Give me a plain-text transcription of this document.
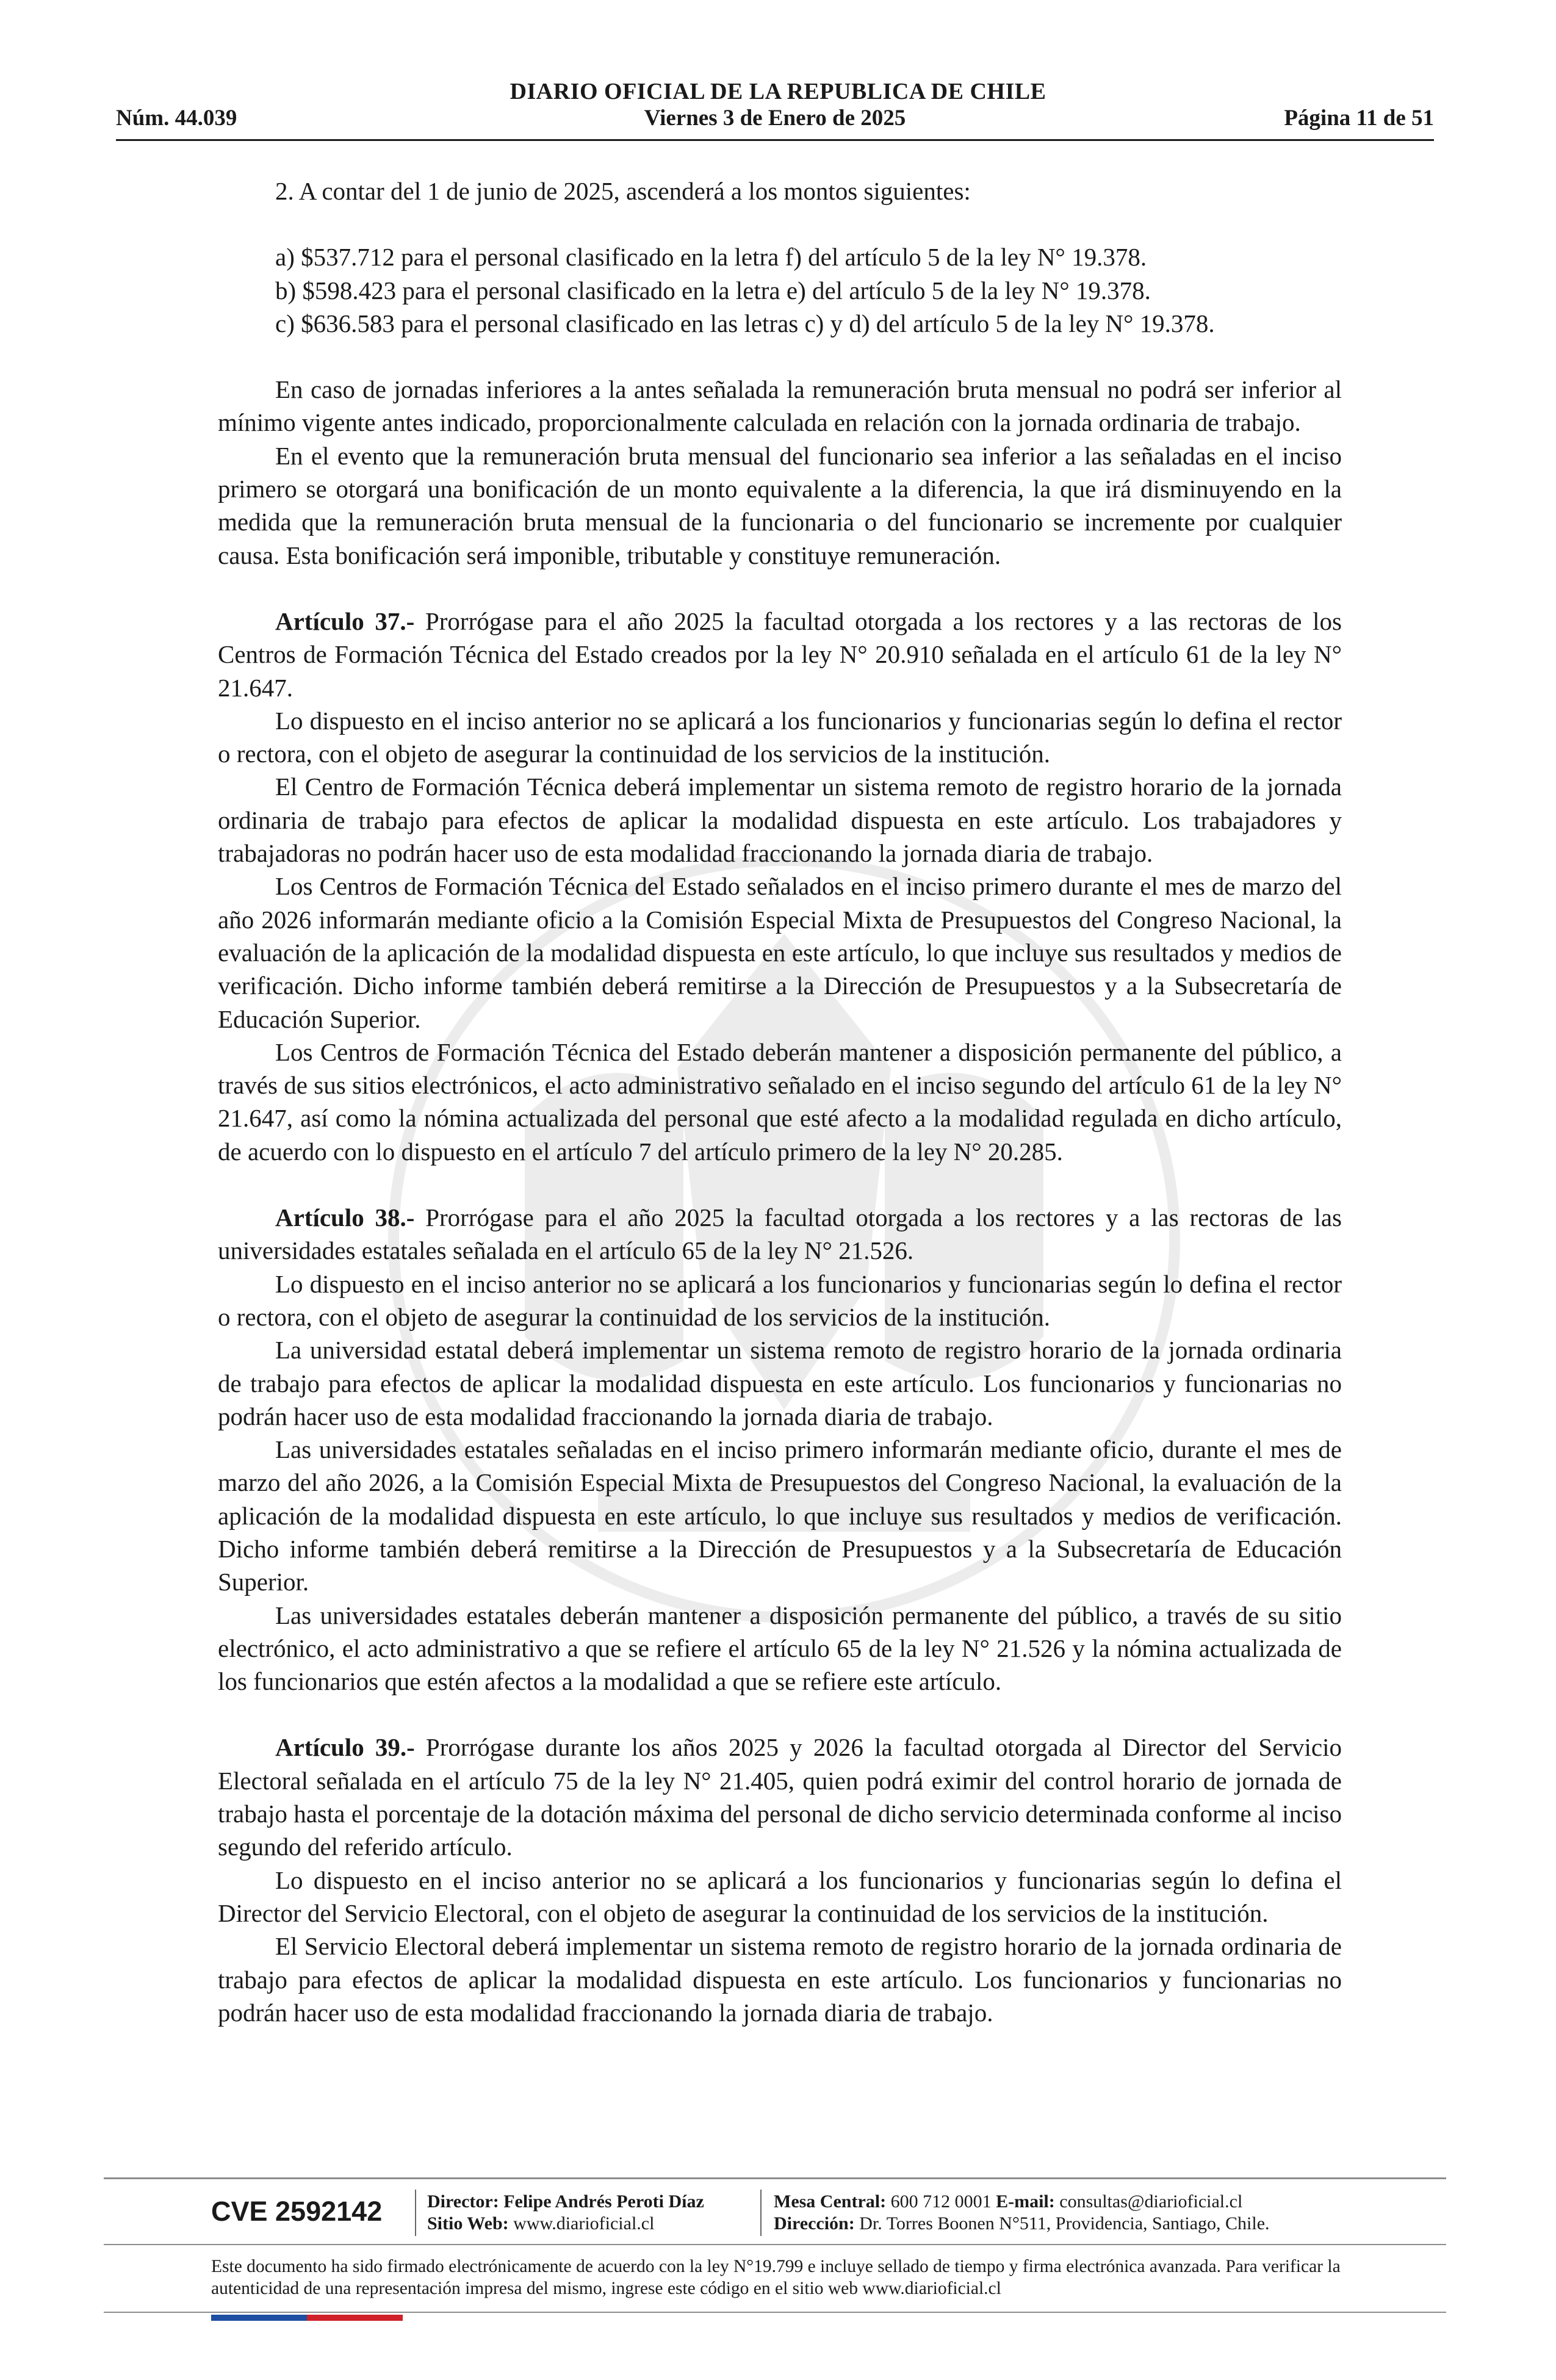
DIARIO OFICIAL DE LA REPUBLICA DE CHILE
Núm. 44.039	Viernes 3 de Enero de 2025	Página 11 de 51

2. A contar del 1 de junio de 2025, ascenderá a los montos siguientes:

a) $537.712 para el personal clasificado en la letra f) del artículo 5 de la ley N° 19.378.

b) $598.423 para el personal clasificado en la letra e) del artículo 5 de la ley N° 19.378.

c) $636.583 para el personal clasificado en las letras c) y d) del artículo 5 de la ley N° 19.378.

En caso de jornadas inferiores a la antes señalada la remuneración bruta mensual no podrá ser inferior al mínimo vigente antes indicado, proporcionalmente calculada en relación con la jornada ordinaria de trabajo.

En el evento que la remuneración bruta mensual del funcionario sea inferior a las señaladas en el inciso primero se otorgará una bonificación de un monto equivalente a la diferencia, la que irá disminuyendo en la medida que la remuneración bruta mensual de la funcionaria o del funcionario se incremente por cualquier causa. Esta bonificación será imponible, tributable y constituye remuneración.

Artículo 37.- Prorrógase para el año 2025 la facultad otorgada a los rectores y a las rectoras de los Centros de Formación Técnica del Estado creados por la ley N° 20.910 señalada en el artículo 61 de la ley N° 21.647.

Lo dispuesto en el inciso anterior no se aplicará a los funcionarios y funcionarias según lo defina el rector o rectora, con el objeto de asegurar la continuidad de los servicios de la institución.

El Centro de Formación Técnica deberá implementar un sistema remoto de registro horario de la jornada ordinaria de trabajo para efectos de aplicar la modalidad dispuesta en este artículo. Los trabajadores y trabajadoras no podrán hacer uso de esta modalidad fraccionando la jornada diaria de trabajo.

Los Centros de Formación Técnica del Estado señalados en el inciso primero durante el mes de marzo del año 2026 informarán mediante oficio a la Comisión Especial Mixta de Presupuestos del Congreso Nacional, la evaluación de la aplicación de la modalidad dispuesta en este artículo, lo que incluye sus resultados y medios de verificación. Dicho informe también deberá remitirse a la Dirección de Presupuestos y a la Subsecretaría de Educación Superior.

Los Centros de Formación Técnica del Estado deberán mantener a disposición permanente del público, a través de sus sitios electrónicos, el acto administrativo señalado en el inciso segundo del artículo 61 de la ley N° 21.647, así como la nómina actualizada del personal que esté afecto a la modalidad regulada en dicho artículo, de acuerdo con lo dispuesto en el artículo 7 del artículo primero de la ley N° 20.285.

Artículo 38.- Prorrógase para el año 2025 la facultad otorgada a los rectores y a las rectoras de las universidades estatales señalada en el artículo 65 de la ley N° 21.526.

Lo dispuesto en el inciso anterior no se aplicará a los funcionarios y funcionarias según lo defina el rector o rectora, con el objeto de asegurar la continuidad de los servicios de la institución.

La universidad estatal deberá implementar un sistema remoto de registro horario de la jornada ordinaria de trabajo para efectos de aplicar la modalidad dispuesta en este artículo. Los funcionarios y funcionarias no podrán hacer uso de esta modalidad fraccionando la jornada diaria de trabajo.

Las universidades estatales señaladas en el inciso primero informarán mediante oficio, durante el mes de marzo del año 2026, a la Comisión Especial Mixta de Presupuestos del Congreso Nacional, la evaluación de la aplicación de la modalidad dispuesta en este artículo, lo que incluye sus resultados y medios de verificación. Dicho informe también deberá remitirse a la Dirección de Presupuestos y a la Subsecretaría de Educación Superior.

Las universidades estatales deberán mantener a disposición permanente del público, a través de su sitio electrónico, el acto administrativo a que se refiere el artículo 65 de la ley N° 21.526 y la nómina actualizada de los funcionarios que estén afectos a la modalidad a que se refiere este artículo.

Artículo 39.- Prorrógase durante los años 2025 y 2026 la facultad otorgada al Director del Servicio Electoral señalada en el artículo 75 de la ley N° 21.405, quien podrá eximir del control horario de jornada de trabajo hasta el porcentaje de la dotación máxima del personal de dicho servicio determinada conforme al inciso segundo del referido artículo.

Lo dispuesto en el inciso anterior no se aplicará a los funcionarios y funcionarias según lo defina el Director del Servicio Electoral, con el objeto de asegurar la continuidad de los servicios de la institución.

El Servicio Electoral deberá implementar un sistema remoto de registro horario de la jornada ordinaria de trabajo para efectos de aplicar la modalidad dispuesta en este artículo. Los funcionarios y funcionarias no podrán hacer uso de esta modalidad fraccionando la jornada diaria de trabajo.

CVE 2592142	Director: Felipe Andrés Peroti Díaz
Sitio Web: www.diarioficial.cl
Mesa Central: 600 712 0001 E-mail: consultas@diarioficial.cl
Dirección: Dr. Torres Boonen N°511, Providencia, Santiago, Chile.
Este documento ha sido firmado electrónicamente de acuerdo con la ley N°19.799 e incluye sellado de tiempo y firma electrónica avanzada. Para verificar la autenticidad de una representación impresa del mismo, ingrese este código en el sitio web www.diarioficial.cl
